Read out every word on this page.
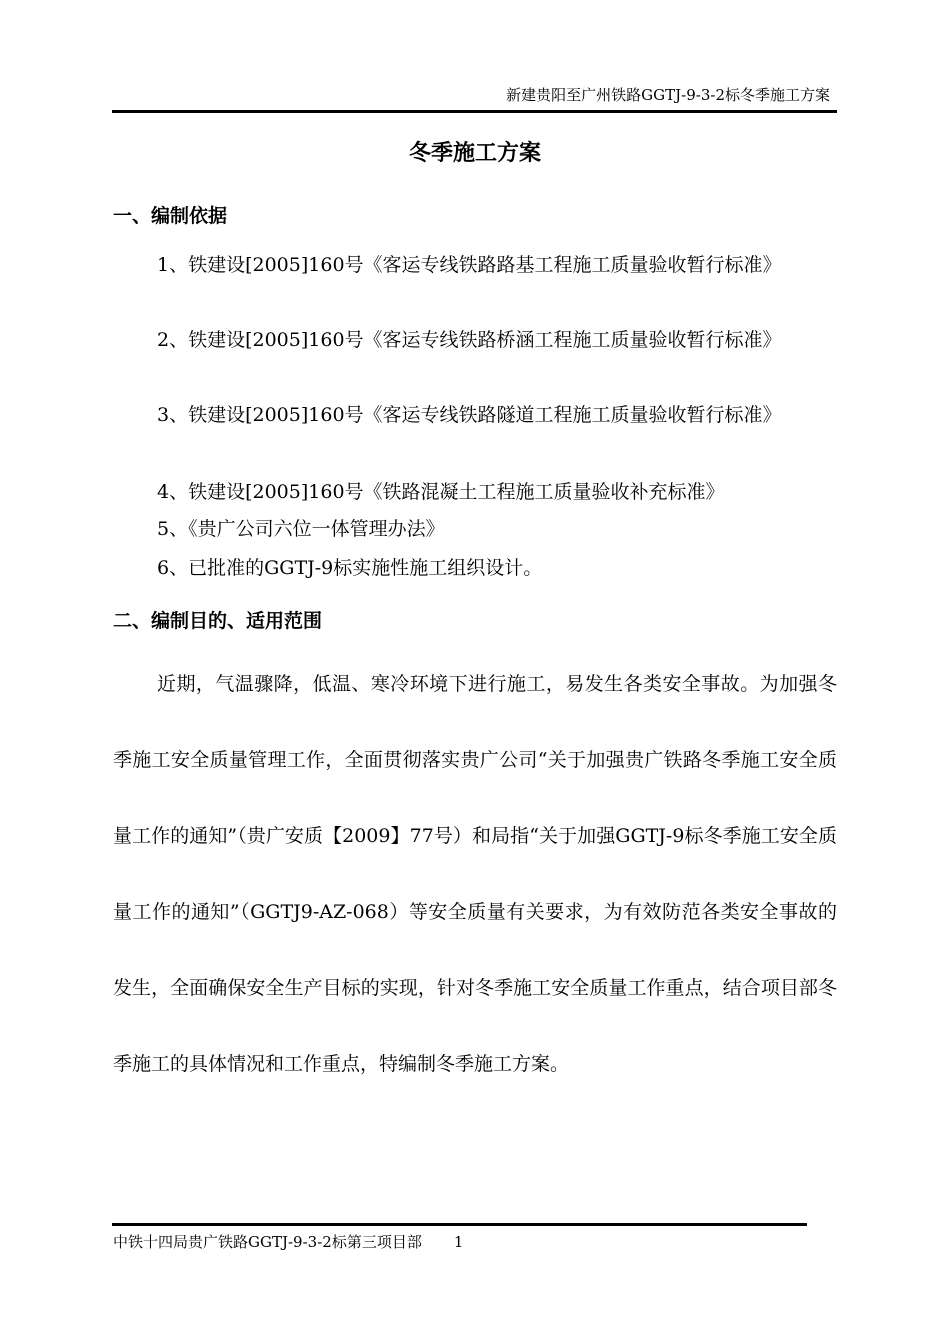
新建贵阳至广州铁路GGTJ-9-3-2标冬季施工方案
冬季施工方案
一、编制依据
1、铁建设[2005]160号《客运专线铁路路基工程施工质量验收暂行标准》
2、铁建设[2005]160号《客运专线铁路桥涵工程施工质量验收暂行标准》
3、铁建设[2005]160号《客运专线铁路隧道工程施工质量验收暂行标准》
4、铁建设[2005]160号《铁路混凝土工程施工质量验收补充标准》
5、《贵广公司六位一体管理办法》
6、已批准的GGTJ-9标实施性施工组织设计。
二、编制目的、适用范围
近期，气温骤降，低温、寒冷环境下进行施工，易发生各类安全事故。为加强冬季施工安全质量管理工作，全面贯彻落实贵广公司“关于加强贵广铁路冬季施工安全质量工作的通知”（贵广安质【2009】77号）和局指“关于加强GGTJ-9标冬季施工安全质量工作的通知”（GGTJ9-AZ-068）等安全质量有关要求，为有效防范各类安全事故的发生，全面确保安全生产目标的实现，针对冬季施工安全质量工作重点，结合项目部冬季施工的具体情况和工作重点，特编制冬季施工方案。
中铁十四局贵广铁路GGTJ-9-3-2标第三项目部 1
